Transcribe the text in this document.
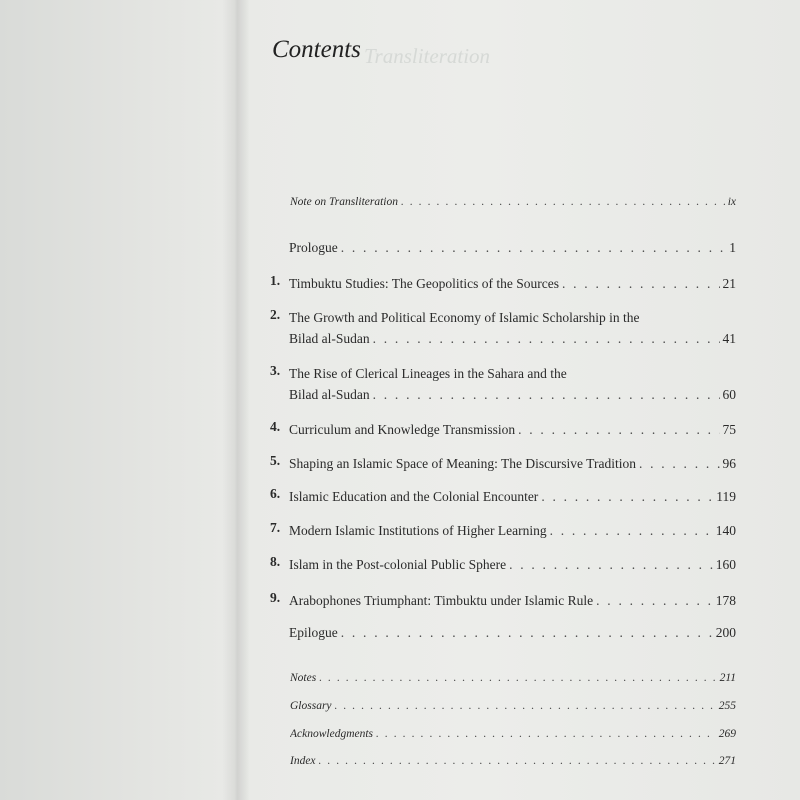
Contents Transliteration
Note on Transliteration . . .	ix
Prologue . . .	1
1. Timbuktu Studies: The Geopolitics of the Sources . . .	21
2. The Growth and Political Economy of Islamic Scholarship in the
Bilad al-Sudan . . .	41
3. The Rise of Clerical Lineages in the Sahara and the
Bilad al-Sudan . . .	60
4. Curriculum and Knowledge Transmission . . .	75
5. Shaping an Islamic Space of Meaning: The Discursive Tradition . . .	96
6. Islamic Education and the Colonial Encounter . . .	119
7. Modern Islamic Institutions of Higher Learning . . .	140
8. Islam in the Post-colonial Public Sphere . . .	160
9. Arabophones Triumphant: Timbuktu under Islamic Rule . . .	178
Epilogue . . .	200
Notes . . .	211
Glossary . . .	255
Acknowledgments . . .	269
Index . . .	271
